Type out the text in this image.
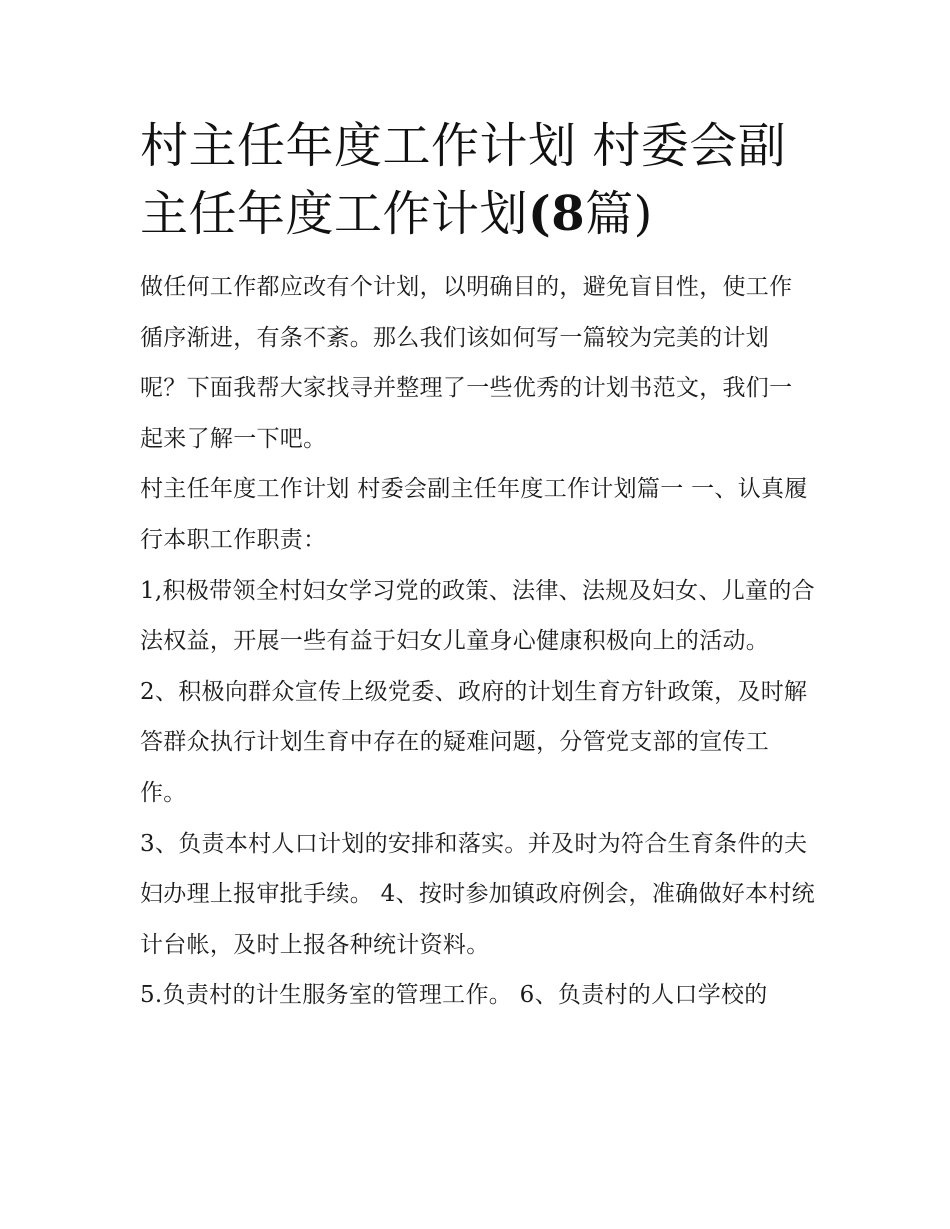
村主任年度工作计划 村委会副主任年度工作计划(8篇)

做任何工作都应改有个计划，以明确目的，避免盲目性，使工作循序渐进，有条不紊。那么我们该如何写一篇较为完美的计划呢？下面我帮大家找寻并整理了一些优秀的计划书范文，我们一起来了解一下吧。

村主任年度工作计划 村委会副主任年度工作计划篇一 一、认真履行本职工作职责：

1,积极带领全村妇女学习党的政策、法律、法规及妇女、儿童的合法权益，开展一些有益于妇女儿童身心健康积极向上的活动。

2、积极向群众宣传上级党委、政府的计划生育方针政策，及时解答群众执行计划生育中存在的疑难问题，分管党支部的宣传工作。

3、负责本村人口计划的安排和落实。并及时为符合生育条件的夫妇办理上报审批手续。 4、按时参加镇政府例会，准确做好本村统计台帐，及时上报各种统计资料。

5.负责村的计生服务室的管理工作。 6、负责村的人口学校的
